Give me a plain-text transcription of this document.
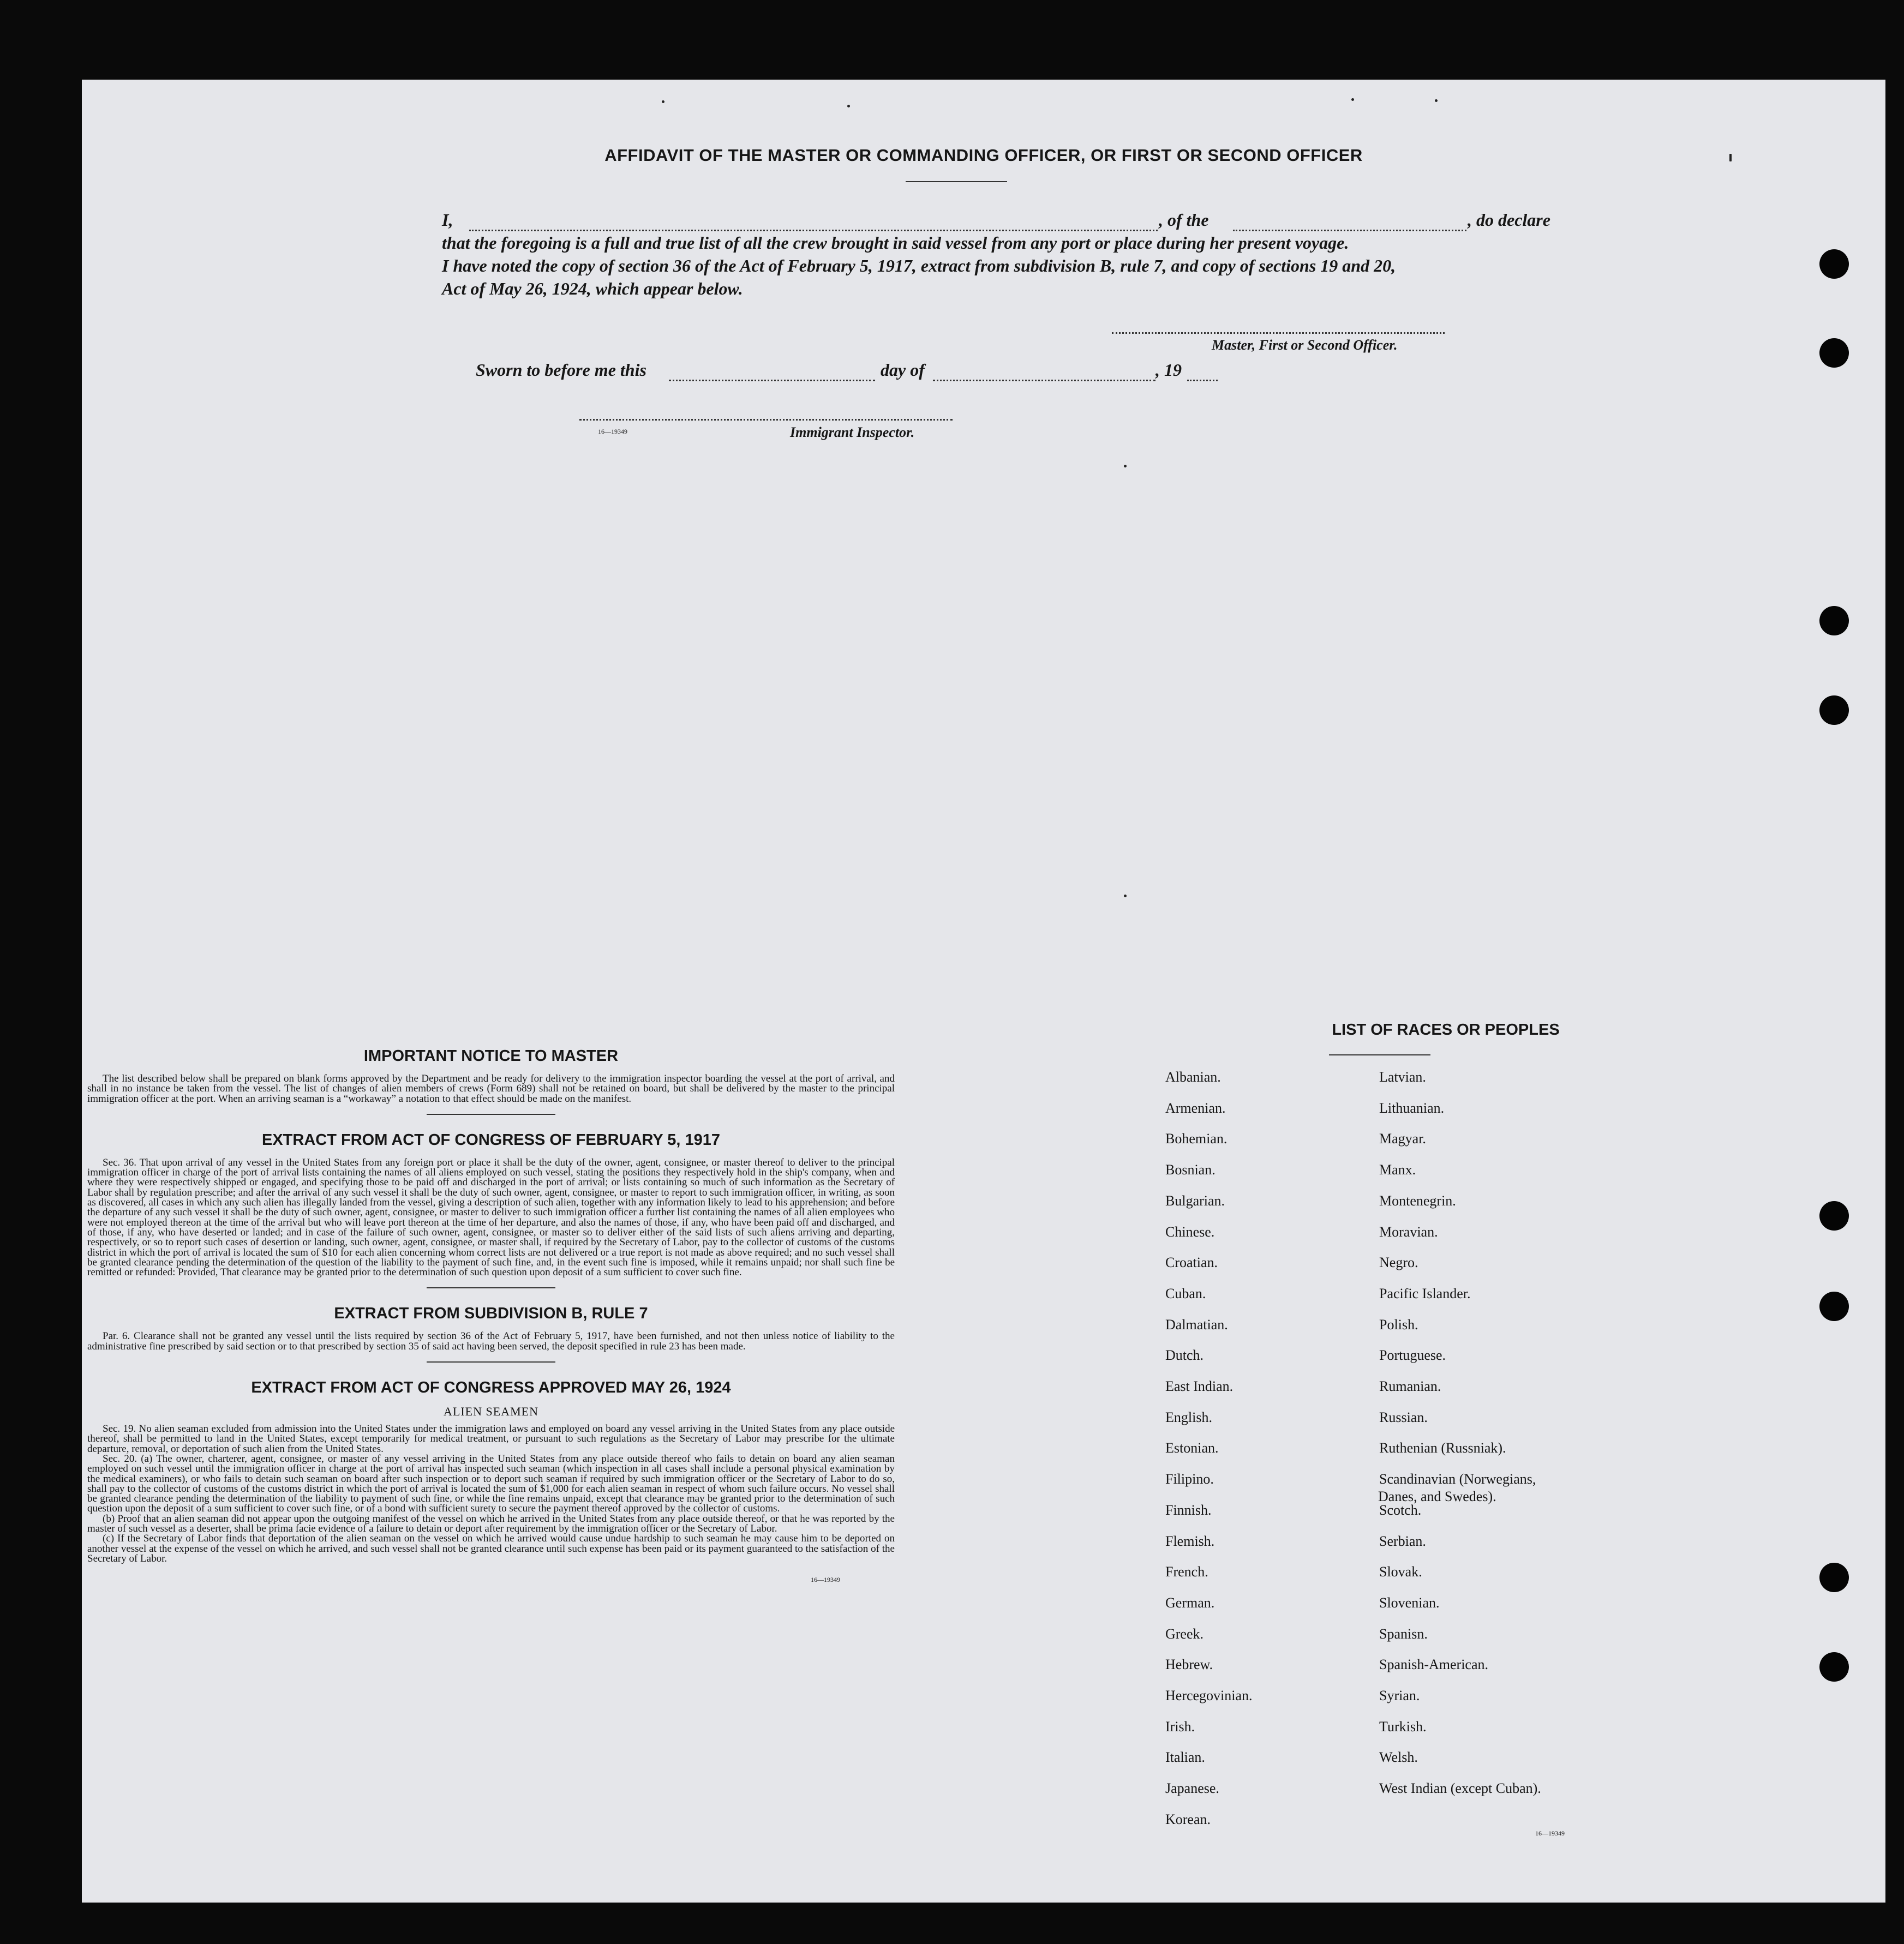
AFFIDAVIT OF THE MASTER OR COMMANDING OFFICER, OR FIRST OR SECOND OFFICER
I,	, of the	, do declare
that the foregoing is a full and true list of all the crew brought in said vessel from any port or place during her present voyage.
I have noted the copy of section 36 of the Act of February 5, 1917, extract from subdivision B, rule 7, and copy of sections 19 and 20,
Act of May 26, 1924, which appear below.
Master, First or Second Officer.
Sworn to before me this	day of	, 19
16—19349	Immigrant Inspector.
IMPORTANT NOTICE TO MASTER

The list described below shall be prepared on blank forms approved by the Department and be ready for delivery to the immigration inspector boarding the vessel at the port of arrival, and shall in no instance be taken from the vessel. The list of changes of alien members of crews (Form 689) shall not be retained on board, but shall be delivered by the master to the principal immigration officer at the port. When an arriving seaman is a “workaway” a notation to that effect should be made on the manifest.

EXTRACT FROM ACT OF CONGRESS OF FEBRUARY 5, 1917

Sec. 36. That upon arrival of any vessel in the United States from any foreign port or place it shall be the duty of the owner, agent, consignee, or master thereof to deliver to the principal immigration officer in charge of the port of arrival lists containing the names of all aliens employed on such vessel, stating the positions they respectively hold in the ship's company, when and where they were respectively shipped or engaged, and specifying those to be paid off and discharged in the port of arrival; or lists containing so much of such information as the Secretary of Labor shall by regulation prescribe; and after the arrival of any such vessel it shall be the duty of such owner, agent, consignee, or master to report to such immigration officer, in writing, as soon as discovered, all cases in which any such alien has illegally landed from the vessel, giving a description of such alien, together with any information likely to lead to his apprehension; and before the departure of any such vessel it shall be the duty of such owner, agent, consignee, or master to deliver to such immigration officer a further list containing the names of all alien employees who were not employed thereon at the time of the arrival but who will leave port thereon at the time of her departure, and also the names of those, if any, who have been paid off and discharged, and of those, if any, who have deserted or landed; and in case of the failure of such owner, agent, consignee, or master so to deliver either of the said lists of such aliens arriving and departing, respectively, or so to report such cases of desertion or landing, such owner, agent, consignee, or master shall, if required by the Secretary of Labor, pay to the collector of customs of the customs district in which the port of arrival is located the sum of $10 for each alien concerning whom correct lists are not delivered or a true report is not made as above required; and no such vessel shall be granted clearance pending the determination of the question of the liability to the payment of such fine, and, in the event such fine is imposed, while it remains unpaid; nor shall such fine be remitted or refunded: Provided, That clearance may be granted prior to the determination of such question upon deposit of a sum sufficient to cover such fine.

EXTRACT FROM SUBDIVISION B, RULE 7

Par. 6. Clearance shall not be granted any vessel until the lists required by section 36 of the Act of February 5, 1917, have been furnished, and not then unless notice of liability to the administrative fine prescribed by said section or to that prescribed by section 35 of said act having been served, the deposit specified in rule 23 has been made.

EXTRACT FROM ACT OF CONGRESS APPROVED MAY 26, 1924
ALIEN SEAMEN

Sec. 19. No alien seaman excluded from admission into the United States under the immigration laws and employed on board any vessel arriving in the United States from any place outside thereof, shall be permitted to land in the United States, except temporarily for medical treatment, or pursuant to such regulations as the Secretary of Labor may prescribe for the ultimate departure, removal, or deportation of such alien from the United States.

Sec. 20. (a) The owner, charterer, agent, consignee, or master of any vessel arriving in the United States from any place outside thereof who fails to detain on board any alien seaman employed on such vessel until the immigration officer in charge at the port of arrival has inspected such seaman (which inspection in all cases shall include a personal physical examination by the medical examiners), or who fails to detain such seaman on board after such inspection or to deport such seaman if required by such immigration officer or the Secretary of Labor to do so, shall pay to the collector of customs of the customs district in which the port of arrival is located the sum of $1,000 for each alien seaman in respect of whom such failure occurs. No vessel shall be granted clearance pending the determination of the liability to payment of such fine, or while the fine remains unpaid, except that clearance may be granted prior to the determination of such question upon the deposit of a sum sufficient to cover such fine, or of a bond with sufficient surety to secure the payment thereof approved by the collector of customs.

(b) Proof that an alien seaman did not appear upon the outgoing manifest of the vessel on which he arrived in the United States from any place outside thereof, or that he was reported by the master of such vessel as a deserter, shall be prima facie evidence of a failure to detain or deport after requirement by the immigration officer or the Secretary of Labor.

(c) If the Secretary of Labor finds that deportation of the alien seaman on the vessel on which he arrived would cause undue hardship to such seaman he may cause him to be deported on another vessel at the expense of the vessel on which he arrived, and such vessel shall not be granted clearance until such expense has been paid or its payment guaranteed to the satisfaction of the Secretary of Labor.

16—19349
LIST OF RACES OR PEOPLES
16—19349
Albanian.
Armenian.
Bohemian.
Bosnian.
Bulgarian.
Chinese.
Croatian.
Cuban.
Dalmatian.
Dutch.
East Indian.
English.
Estonian.
Filipino.
Finnish.
Flemish.
French.
German.
Greek.
Hebrew.
Hercegovinian.
Irish.
Italian.
Japanese.
Korean.
Latvian.
Lithuanian.
Magyar.
Manx.
Montenegrin.
Moravian.
Negro.
Pacific Islander.
Polish.
Portuguese.
Rumanian.
Russian.
Ruthenian (Russniak).
Scandinavian (Norwegians,
Danes, and Swedes).
Scotch.
Serbian.
Slovak.
Slovenian.
Spanisn.
Spanish-American.
Syrian.
Turkish.
Welsh.
West Indian (except Cuban).
